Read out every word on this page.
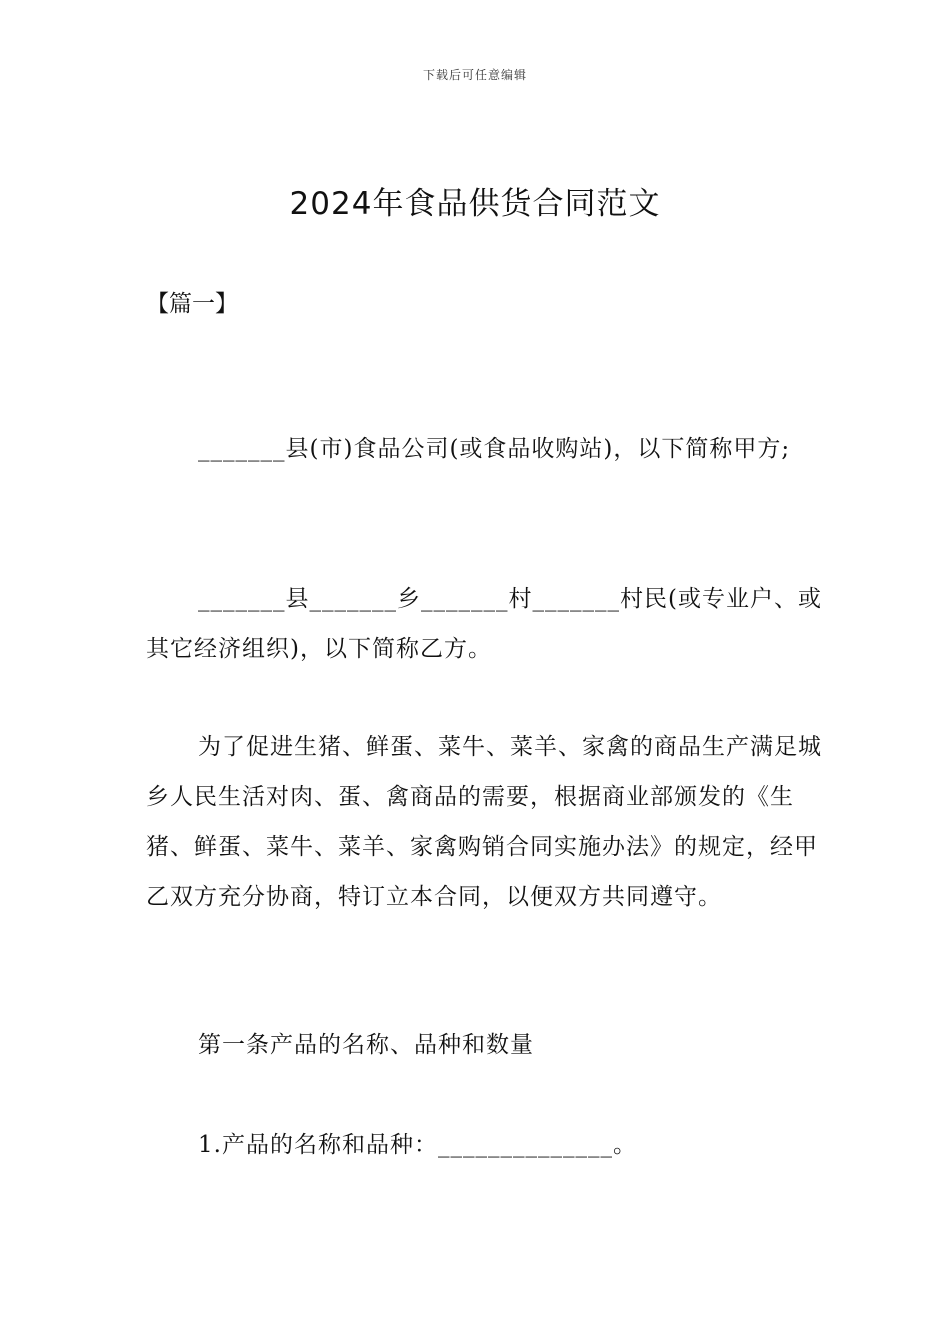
下载后可任意编辑
2024年食品供货合同范文
【篇一】

_______县(市)食品公司(或食品收购站)，以下简称甲方;

_______县_______乡_______村_______村民(或专业户、或其它经济组织)，以下简称乙方。

为了促进生猪、鲜蛋、菜牛、菜羊、家禽的商品生产满足城乡人民生活对肉、蛋、禽商品的需要，根据商业部颁发的《生猪、鲜蛋、菜牛、菜羊、家禽购销合同实施办法》的规定，经甲乙双方充分协商，特订立本合同，以便双方共同遵守。

第一条产品的名称、品种和数量

1.产品的名称和品种：______________。
